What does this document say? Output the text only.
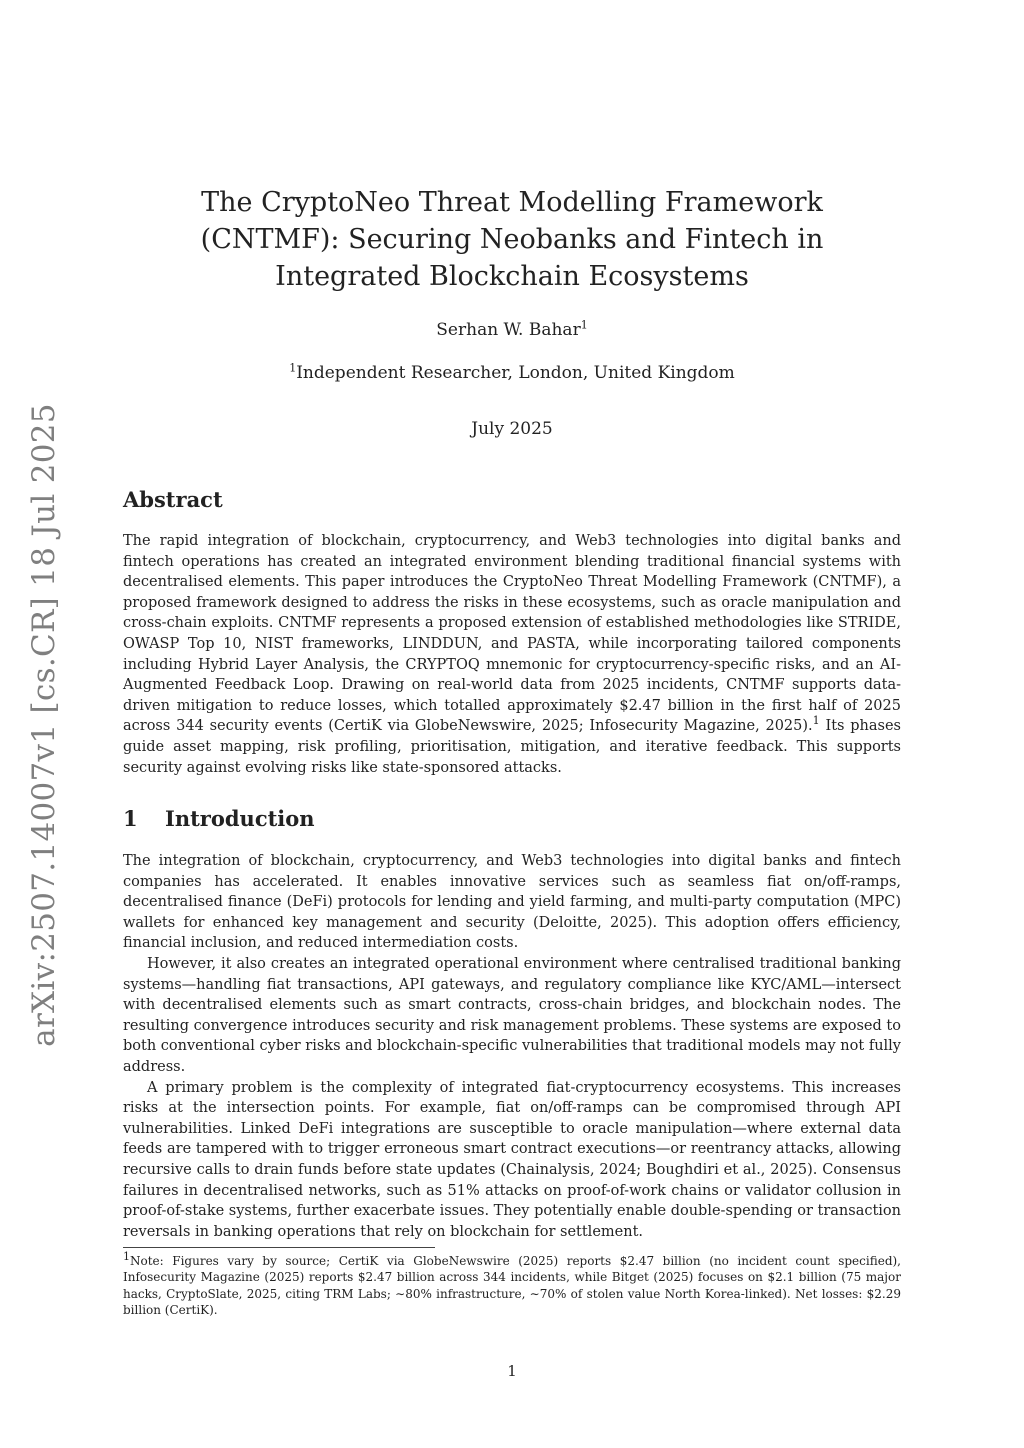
arXiv:2507.14007v1 [cs.CR] 18 Jul 2025
The CryptoNeo Threat Modelling Framework (CNTMF): Securing Neobanks and Fintech in Integrated Blockchain Ecosystems
Serhan W. Bahar$^1$
$^1$Independent Researcher, London, United Kingdom
July 2025
Abstract

The rapid integration of blockchain, cryptocurrency, and Web3 technologies into digital banks and fintech operations has created an integrated environment blending traditional financial systems with decentralised elements. This paper introduces the CryptoNeo Threat Modelling Framework (CNTMF), a proposed framework designed to address the risks in these ecosystems, such as oracle manipulation and cross-chain exploits. CNTMF represents a proposed extension of established methodologies like STRIDE, OWASP Top 10, NIST frameworks, LINDDUN, and PASTA, while incorporating tailored components including Hybrid Layer Analysis, the CRYPTOQ mnemonic for cryptocurrency-specific risks, and an AI-Augmented Feedback Loop. Drawing on real-world data from 2025 incidents, CNTMF supports data-driven mitigation to reduce losses, which totalled approximately $2.47 billion in the first half of 2025 across 344 security events (CertiK via GlobeNewswire, 2025; Infosecurity Magazine, 2025).$^1$ Its phases guide asset mapping, risk profiling, prioritisation, mitigation, and iterative feedback. This supports security against evolving risks like state-sponsored attacks.

1 Introduction

The integration of blockchain, cryptocurrency, and Web3 technologies into digital banks and fintech companies has accelerated. It enables innovative services such as seamless fiat on/off-ramps, decentralised finance (DeFi) protocols for lending and yield farming, and multi-party computation (MPC) wallets for enhanced key management and security (Deloitte, 2025). This adoption offers efficiency, financial inclusion, and reduced intermediation costs.

However, it also creates an integrated operational environment where centralised traditional banking systems—handling fiat transactions, API gateways, and regulatory compliance like KYC/AML—intersect with decentralised elements such as smart contracts, cross-chain bridges, and blockchain nodes. The resulting convergence introduces security and risk management problems. These systems are exposed to both conventional cyber risks and blockchain-specific vulnerabilities that traditional models may not fully address.

A primary problem is the complexity of integrated fiat-cryptocurrency ecosystems. This increases risks at the intersection points. For example, fiat on/off-ramps can be compromised through API vulnerabilities. Linked DeFi integrations are susceptible to oracle manipulation—where external data feeds are tampered with to trigger erroneous smart contract executions—or reentrancy attacks, allowing recursive calls to drain funds before state updates (Chainalysis, 2024; Boughdiri et al., 2025). Consensus failures in decentralised networks, such as 51% attacks on proof-of-work chains or validator collusion in proof-of-stake systems, further exacerbate issues. They potentially enable double-spending or transaction reversals in banking operations that rely on blockchain for settlement.

$^1$Note: Figures vary by source; CertiK via GlobeNewswire (2025) reports $2.47 billion (no incident count specified), Infosecurity Magazine (2025) reports $2.47 billion across 344 incidents, while Bitget (2025) focuses on $2.1 billion (75 major hacks, CryptoSlate, 2025, citing TRM Labs; ∼80% infrastructure, ∼70% of stolen value North Korea-linked). Net losses: $2.29 billion (CertiK).

1
